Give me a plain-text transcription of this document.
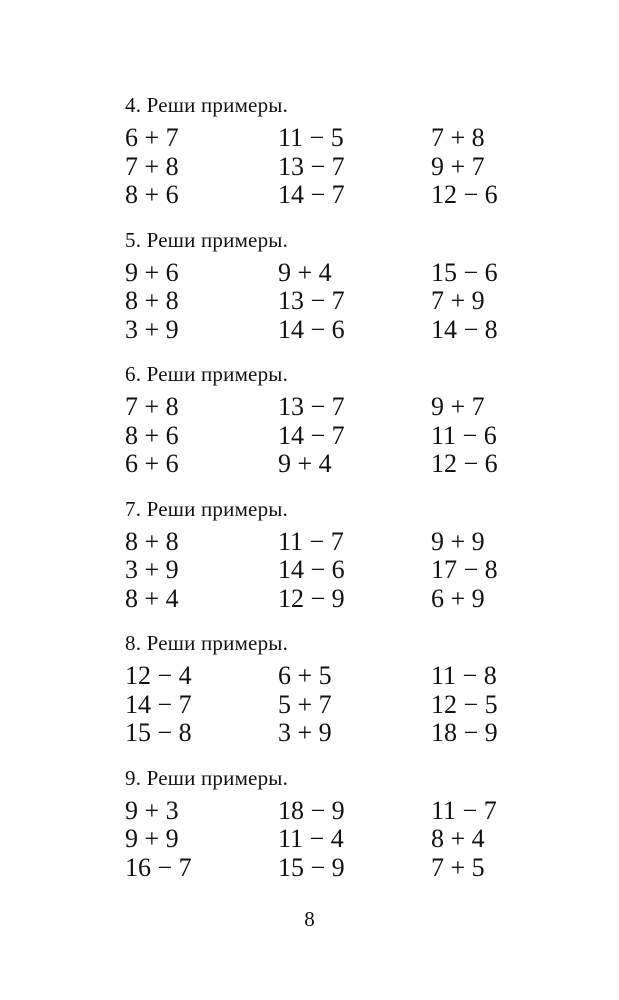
4. Реши примеры.
6 + 7	11 − 5	7 + 8
7 + 8	13 − 7	9 + 7
8 + 6	14 − 7	12 − 6
5. Реши примеры.
9 + 6	9 + 4	15 − 6
8 + 8	13 − 7	7 + 9
3 + 9	14 − 6	14 − 8
6. Реши примеры.
7 + 8	13 − 7	9 + 7
8 + 6	14 − 7	11 − 6
6 + 6	9 + 4	12 − 6
7. Реши примеры.
8 + 8	11 − 7	9 + 9
3 + 9	14 − 6	17 − 8
8 + 4	12 − 9	6 + 9
8. Реши примеры.
12 − 4	6 + 5	11 − 8
14 − 7	5 + 7	12 − 5
15 − 8	3 + 9	18 − 9
9. Реши примеры.
9 + 3	18 − 9	11 − 7
9 + 9	11 − 4	8 + 4
16 − 7	15 − 9	7 + 5
8
